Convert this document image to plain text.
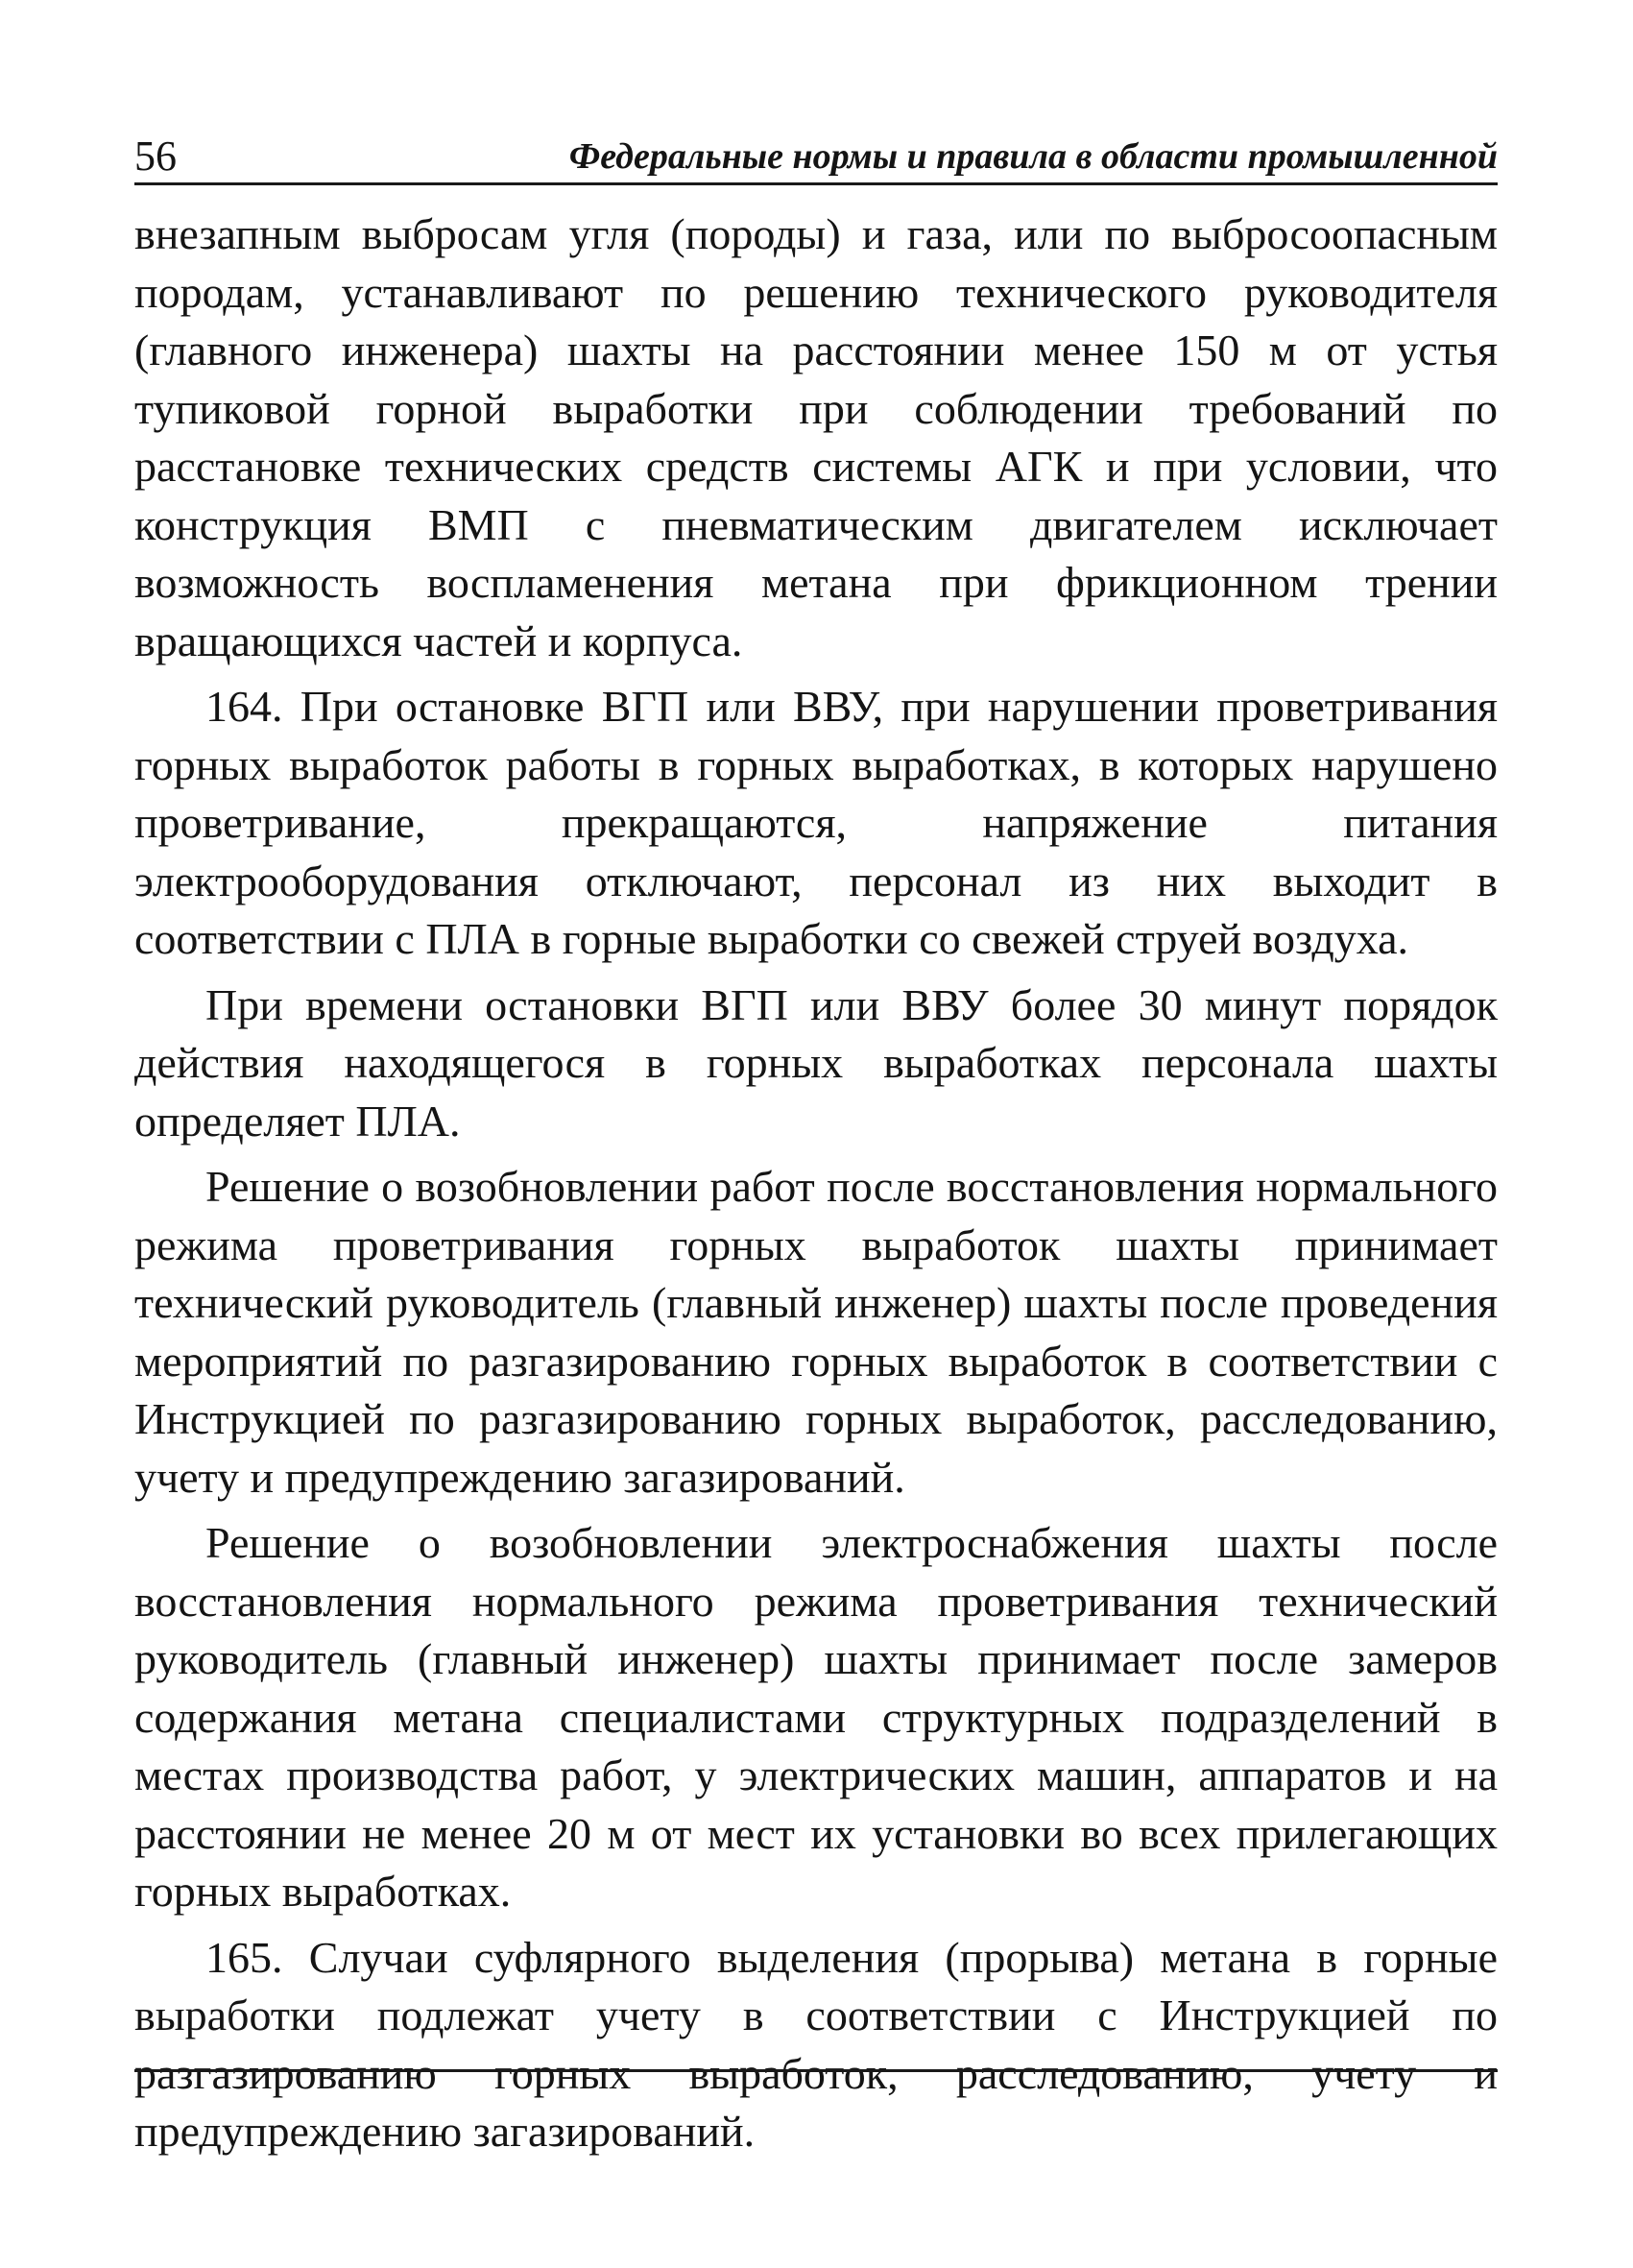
56	Федеральные нормы и правила в области промышленной

внезапным выбросам угля (породы) и газа, или по выбросоопасным породам, устанавливают по решению технического руководителя (главного инженера) шахты на расстоянии менее 150 м от устья тупиковой горной выработки при соблюдении требований по расстановке технических средств системы АГК и при условии, что конструкция ВМП с пневматическим двигателем исключает возможность воспламенения метана при фрикционном трении вращающихся частей и корпуса.

164. При остановке ВГП или ВВУ, при нарушении проветривания горных выработок работы в горных выработках, в которых нарушено проветривание, прекращаются, напряжение питания электрооборудования отключают, персонал из них выходит в соответствии с ПЛА в горные выработки со свежей струей воздуха.

При времени остановки ВГП или ВВУ более 30 минут порядок действия находящегося в горных выработках персонала шахты определяет ПЛА.

Решение о возобновлении работ после восстановления нормального режима проветривания горных выработок шахты принимает технический руководитель (главный инженер) шахты после проведения мероприятий по разгазированию горных выработок в соответствии с Инструкцией по разгазированию горных выработок, расследованию, учету и предупреждению загазирований.

Решение о возобновлении электроснабжения шахты после восстановления нормального режима проветривания технический руководитель (главный инженер) шахты принимает после замеров содержания метана специалистами структурных подразделений в местах производства работ, у электрических машин, аппаратов и на расстоянии не менее 20 м от мест их установки во всех прилегающих горных выработках.

165. Случаи суфлярного выделения (прорыва) метана в горные выработки подлежат учету в соответствии с Инструкцией по разгазированию горных выработок, расследованию, учету и предупреждению загазирований.
